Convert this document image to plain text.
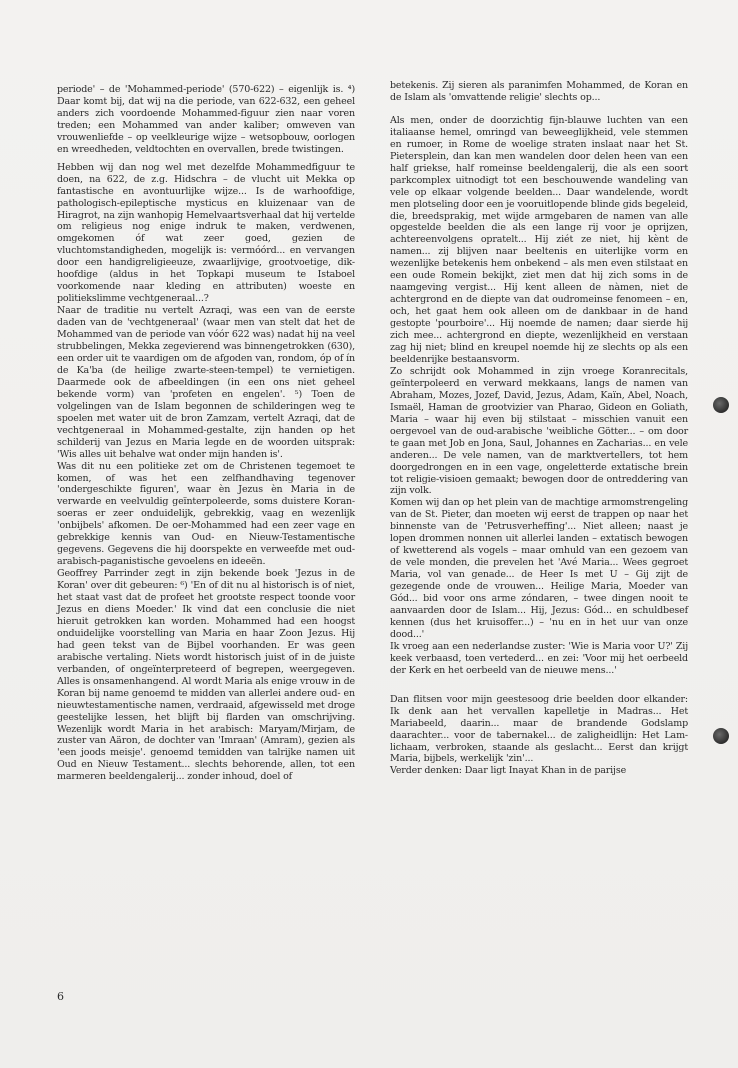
periode' – de 'Mohammed-periode' (570-622) – eigenlijk is. ⁴) Daar komt bij, dat wij na die periode, van 622-632, een geheel anders zich voordoende Mohammed-figuur zien naar voren treden; een Mohammed van ander kaliber; omweven van vrouwenliefde – op veelkleurige wijze – wetsopbouw, oorlogen en wreedheden, veldtochten en overvallen, brede twistingen.

Hebben wij dan nog wel met dezelfde Mohammedfiguur te doen, na 622, de z.g. Hidschra – de vlucht uit Mekka op fantastische en avontuurlijke wijze... Is de warhoofdige, pathologisch-epileptische mysticus en kluizenaar van de Hiragrot, na zijn wanhopig Hemelvaartsverhaal dat hij vertelde om religieus nog enige indruk te maken, verdwenen, omgekomen óf wat zeer goed, gezien de vluchtomstandigheden, mogelijk is: vermóórd... en vervangen door een handigreligieeuze, zwaarlijvige, grootvoetige, dik-hoofdige (aldus in het Topkapi museum te Istaboel voorkomende naar kleding en attributen) woeste en politiekslimme vechtgeneraal...?

Naar de traditie nu vertelt Azraqi, was een van de eerste daden van de 'vechtgeneraal' (waar men van stelt dat het de Mohammed van de periode van vóór 622 was) nadat hij na veel strubbelingen, Mekka zegevierend was binnengetrokken (630), een order uit te vaardigen om de afgoden van, rondom, óp of ín de Ka'ba (de heilige zwarte-steen-tempel) te vernietigen. Daarmede ook de afbeeldingen (in een ons niet geheel bekende vorm) van 'profeten en engelen'. ⁵) Toen de volgelingen van de Islam begonnen de schilderingen weg te spoelen met water uit de bron Zamzam, vertelt Azraqi, dat de vechtgeneraal in Mohammed-gestalte, zijn handen op het schilderij van Jezus en Maria legde en de woorden uitsprak: 'Wis alles uit behalve wat onder mijn handen is'.

Was dit nu een politieke zet om de Christenen tegemoet te komen, of was het een zelfhandhaving tegenover 'ondergeschikte figuren', waar èn Jezus èn Maria in de verwarde en veelvuldig geïnterpoleerde, soms duistere Koran-soeras er zeer onduidelijk, gebrekkig, vaag en wezenlijk 'onbijbels' afkomen. De oer-Mohammed had een zeer vage en gebrekkige kennis van Oud- en Nieuw-Testamentische gegevens. Gegevens die hij doorspekte en verweefde met oud-arabisch-paganistische gevoelens en ideeën.

Geoffrey Parrinder zegt in zijn bekende boek 'Jezus in de Koran' over dit gebeuren: ⁶) 'En of dit nu al historisch is of niet, het staat vast dat de profeet het grootste respect toonde voor Jezus en diens Moeder.' Ik vind dat een conclusie die niet hieruit getrokken kan worden. Mohammed had een hoogst onduidelijke voorstelling van Maria en haar Zoon Jezus. Hij had geen tekst van de Bijbel voorhanden. Er was geen arabische vertaling. Niets wordt historisch juist of in de juiste verbanden, of ongeïnterpreteerd of begrepen, weergegeven. Alles is onsamenhangend. Al wordt Maria als enige vrouw in de Koran bij name genoemd te midden van allerlei andere oud- en nieuwtestamentische namen, verdraaid, afgewisseld met droge geestelijke lessen, het blijft bij flarden van omschrijving. Wezenlijk wordt Maria in het arabisch: Maryam/Mirjam, de zuster van Aäron, de dochter van 'Imraan' (Amram), gezien als 'een joods meisje'. genoemd temidden van talrijke namen uit Oud en Nieuw Testament... slechts behorende, allen, tot een marmeren beeldengalerij... zonder inhoud, doel of

betekenis. Zij sieren als paranimfen Mohammed, de Koran en de Islam als 'omvattende religie' slechts op...

Als men, onder de doorzichtig fijn-blauwe luchten van een italiaanse hemel, omringd van beweeglijkheid, vele stemmen en rumoer, in Rome de woelige straten inslaat naar het St. Pietersplein, dan kan men wandelen door delen heen van een half griekse, half romeinse beeldengalerij, die als een soort parkcomplex uitnodigt tot een beschouwende wandeling van vele op elkaar volgende beelden... Daar wandelende, wordt men plotseling door een je vooruitlopende blinde gids begeleid, die, breedsprakig, met wijde armgebaren de namen van alle opgestelde beelden die als een lange rij voor je oprijzen, achtereenvolgens opratelt... Hij ziét ze niet, hij kènt de namen... zij blijven naar beeltenis en uiterlijke vorm en wezenlijke betekenis hem onbekend – als men even stilstaat en een oude Romein bekijkt, ziet men dat hij zich soms in de naamgeving vergist... Hij kent alleen de nàmen, niet de achtergrond en de diepte van dat oudromeinse fenomeen – en, och, het gaat hem ook alleen om de dankbaar in de hand gestopte 'pourboire'... Hij noemde de namen; daar sierde hij zich mee... achtergrond en diepte, wezenlijkheid en verstaan zag hij niet; blind en kreupel noemde hij ze slechts op als een beeldenrijke bestaansvorm.

Zo schrijdt ook Mohammed in zijn vroege Koranrecitals, geïnterpoleerd en verward mekkaans, langs de namen van Abraham, Mozes, Jozef, David, Jezus, Adam, Kaïn, Abel, Noach, Ismaël, Haman de grootvizier van Pharao, Gideon en Goliath, Maria – waar hij even bij stilstaat – misschien vanuit een oergevoel van de oud-arabische 'weibliche Götter... – om door te gaan met Job en Jona, Saul, Johannes en Zacharias... en vele anderen... De vele namen, van de marktvertellers, tot hem doorgedrongen en in een vage, ongeletterde extatische brein tot religie-visioen gemaakt; bewogen door de ontreddering van zijn volk.

Komen wij dan op het plein van de machtige armomstrengeling van de St. Pieter, dan moeten wij eerst de trappen op naar het binnenste van de 'Petrusverheffing'... Niet alleen; naast je lopen drommen nonnen uit allerlei landen – extatisch bewogen of kwetterend als vogels – maar omhuld van een gezoem van de vele monden, die prevelen het 'Avé Maria... Wees gegroet Maria, vol van genade... de Heer Is met U – Gij zijt de gezegende onde de vrouwen... Heilige Maria, Moeder van Gód... bid voor ons arme zóndaren, – twee dingen nooit te aanvaarden door de Islam... Hij, Jezus: Gód... en schuldbesef kennen (dus het kruisoffer...) – 'nu en in het uur van onze dood...'

Ik vroeg aan een nederlandse zuster: 'Wie is Maria voor U?' Zij keek verbaasd, toen vertederd... en zei: 'Voor mij het oerbeeld der Kerk en het oerbeeld van de nieuwe mens...'

Dan flitsen voor mijn geestesoog drie beelden door elkander: Ik denk aan het vervallen kapelletje in Madras... Het Mariabeeld, daarin... maar de brandende Godslamp daarachter... voor de tabernakel... de zaligheidlijn: Het Lam-lichaam, verbroken, staande als geslacht... Eerst dan krijgt Maria, bijbels, werkelijk 'zin'...

Verder denken: Daar ligt Inayat Khan in de parijse

6
